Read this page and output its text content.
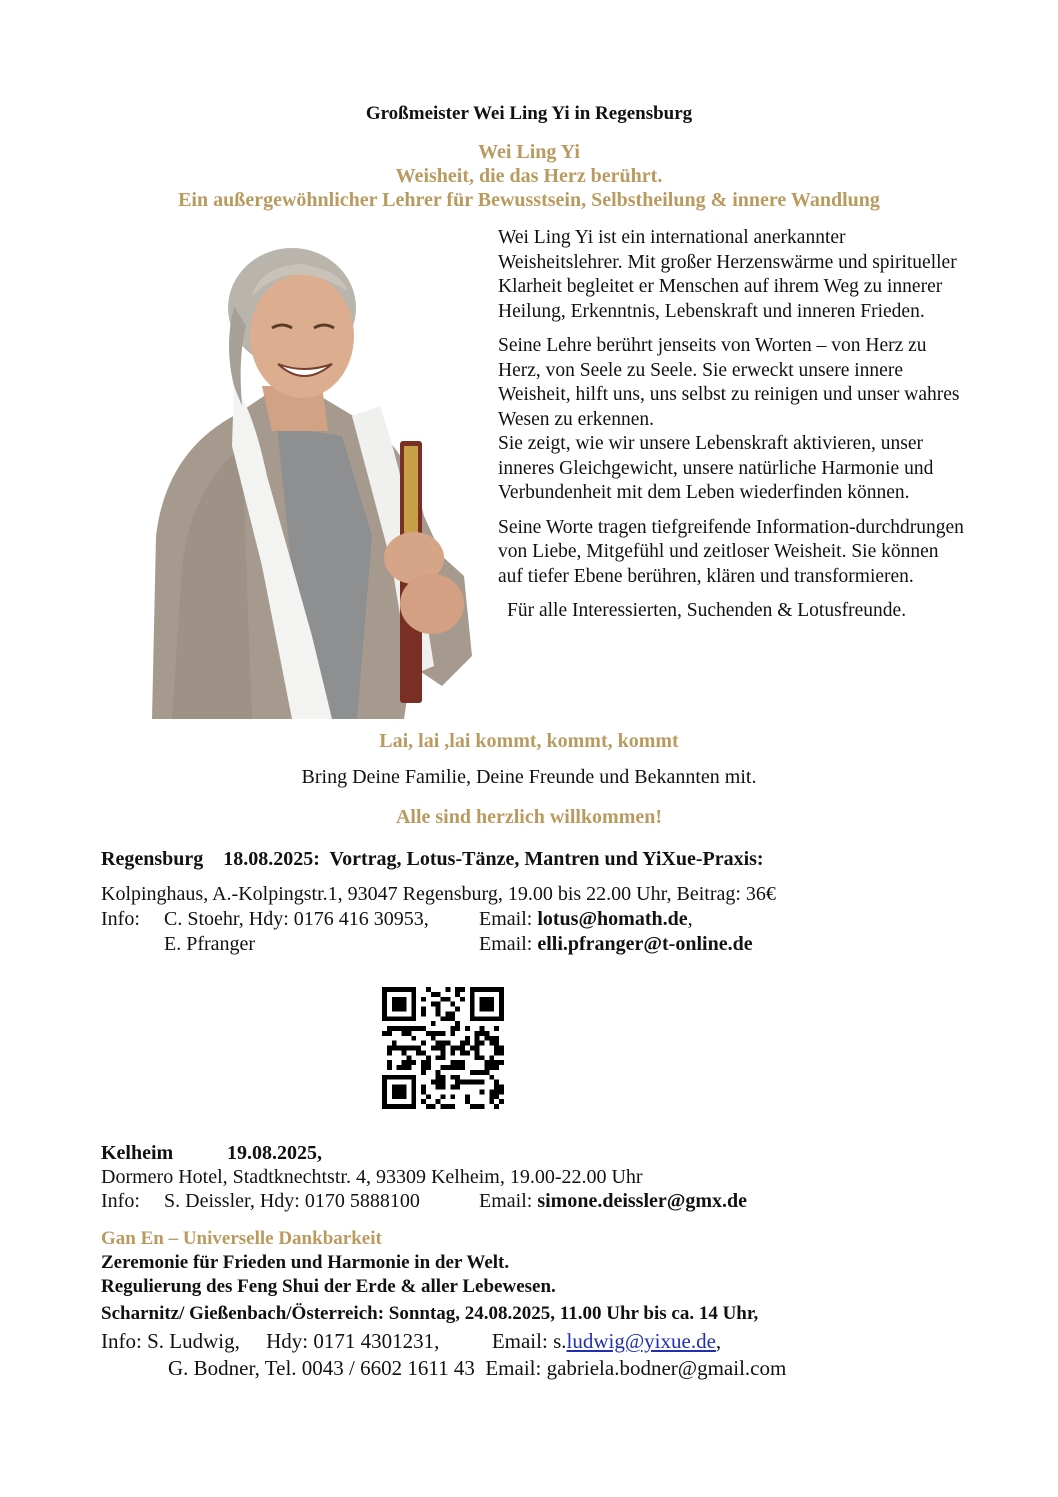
Großmeister Wei Ling Yi in Regensburg
Wei Ling Yi
Weisheit, die das Herz berührt.
Ein außergewöhnlicher Lehrer für Bewusstsein, Selbstheilung & innere Wandlung

Wei Ling Yi ist ein international anerkannter Weisheitslehrer. Mit großer Herzenswärme und spiritueller Klarheit begleitet er Menschen auf ihrem Weg zu innerer Heilung, Erkenntnis, Lebenskraft und inneren Frieden.

Seine Lehre berührt jenseits von Worten – von Herz zu Herz, von Seele zu Seele. Sie erweckt unsere innere Weisheit, hilft uns, uns selbst zu reinigen und unser wahres Wesen zu erkennen.

Sie zeigt, wie wir unsere Lebenskraft aktivieren, unser inneres Gleichgewicht, unsere natürliche Harmonie und Verbundenheit mit dem Leben wiederfinden können.

Seine Worte tragen tiefgreifende Information-durchdrungen von Liebe, Mitgefühl und zeitloser Weisheit. Sie können auf tiefer Ebene berühren, klären und transformieren.

Für alle Interessierten, Suchenden & Lotusfreunde.

Lai, lai ,lai kommt, kommt, kommt
Bring Deine Familie, Deine Freunde und Bekannten mit.
Alle sind herzlich willkommen!
Regensburg    18.08.2025:  Vortrag, Lotus-Tänze, Mantren und YiXue-Praxis:
Kolpinghaus, A.-Kolpingstr.1, 93047 Regensburg, 19.00 bis 22.00 Uhr, Beitrag: 36€
Info: C. Stoehr, Hdy: 0176 416 30953,	Email: lotus@homath.de,
E. Pfranger	Email: elli.pfranger@t-online.de
Kelheim	19.08.2025,
Dormero Hotel, Stadtknechtstr. 4, 93309 Kelheim, 19.00-22.00 Uhr
Info: S. Deissler, Hdy: 0170 5888100	Email: simone.deissler@gmx.de
Gan En – Universelle Dankbarkeit
Zeremonie für Frieden und Harmonie in der Welt.
Regulierung des Feng Shui der Erde & aller Lebewesen.
Scharnitz/ Gießenbach/Österreich: Sonntag, 24.08.2025, 11.00 Uhr bis ca. 14 Uhr,
Info: S. Ludwig,     Hdy: 0171 4301231,          Email: s.ludwig@yixue.de,
G. Bodner, Tel. 0043 / 6602 1611 43  Email: gabriela.bodner@gmail.com
